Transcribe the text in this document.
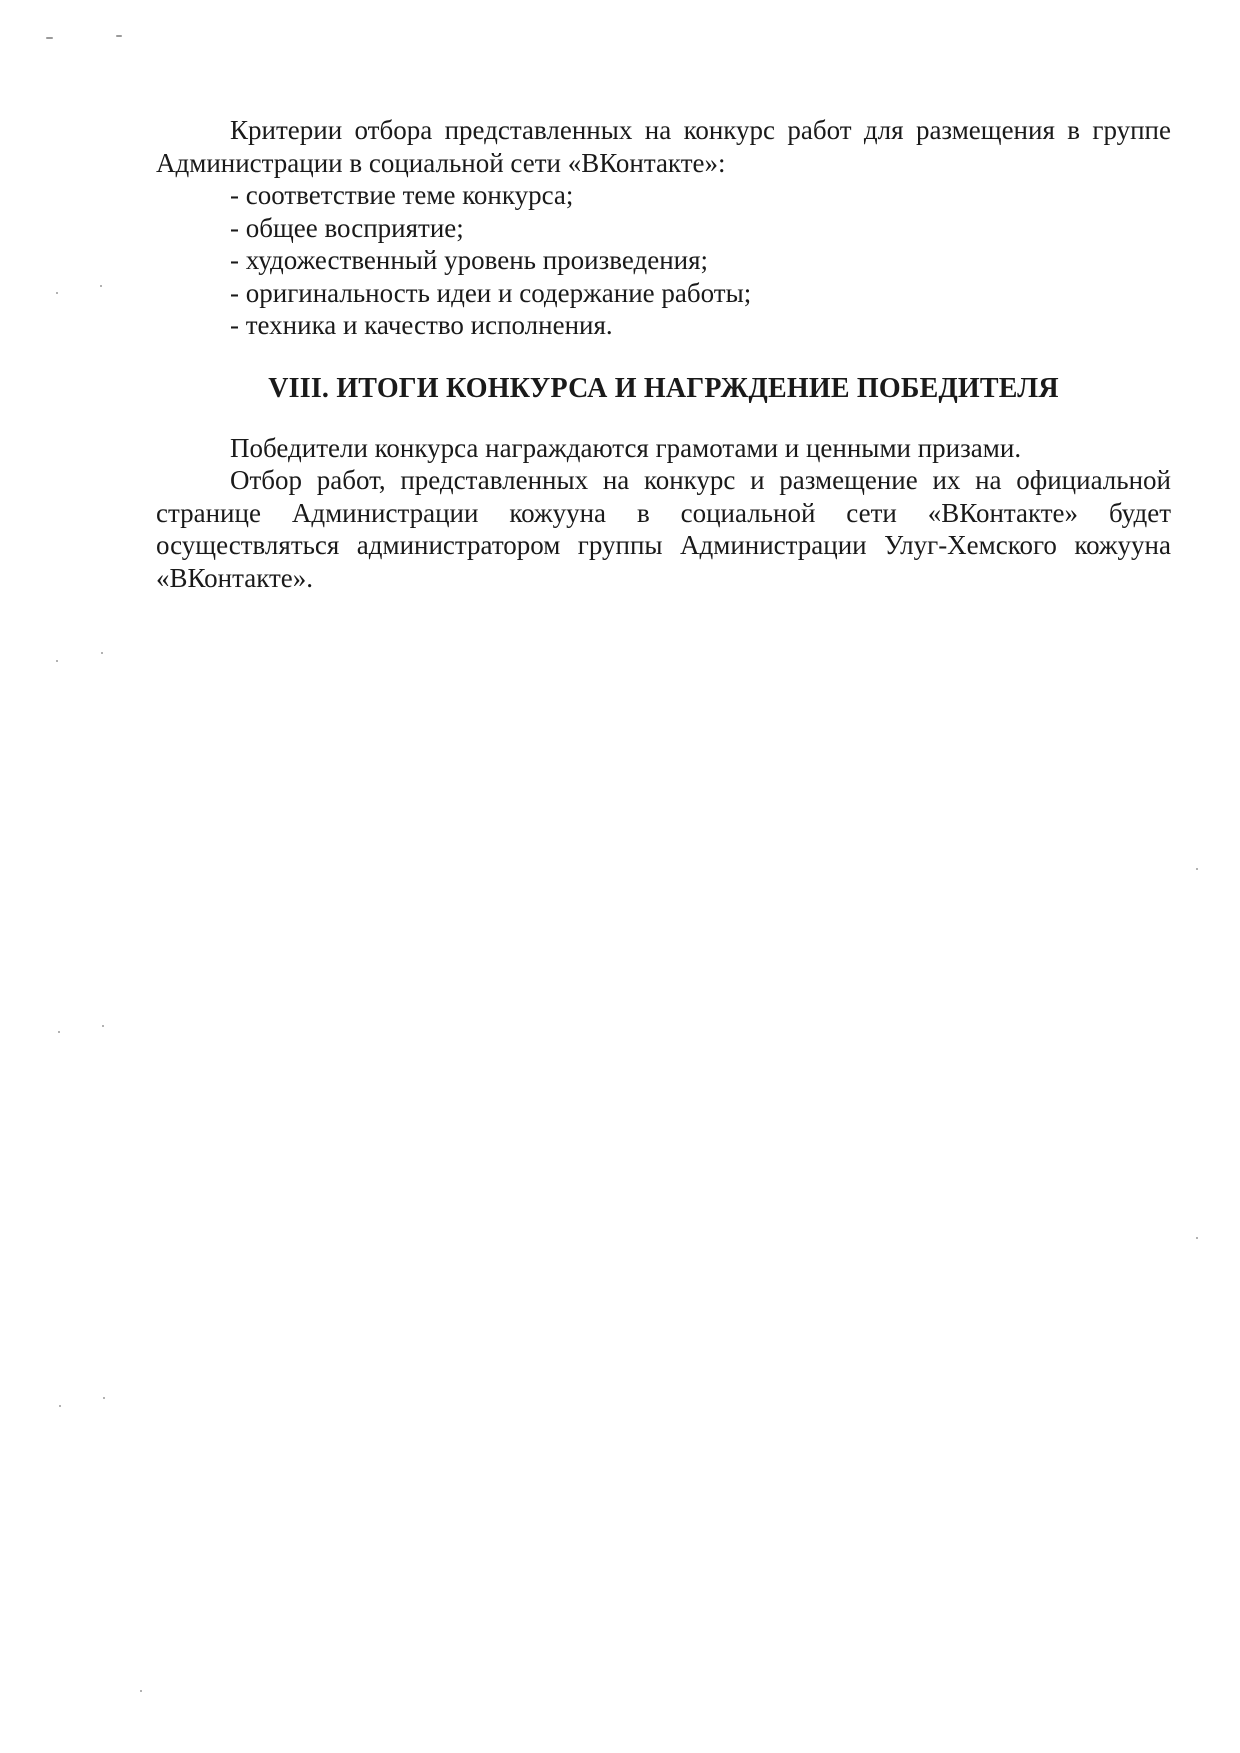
Критерии отбора представленных на конкурс работ для размещения в группе Администрации в социальной сети «ВКонтакте»:

- соответствие теме конкурса;
- общее восприятие;
- художественный уровень произведения;
- оригинальность идеи и содержание работы;
- техника и качество исполнения.
VIII. ИТОГИ КОНКУРСА И НАГРЖДЕНИЕ ПОБЕДИТЕЛЯ

Победители конкурса награждаются грамотами и ценными призами.

Отбор работ, представленных на конкурс и размещение их на официальной странице Администрации кожууна в социальной сети «ВКонтакте» будет осуществляться администратором группы Администрации Улуг-Хемского кожууна «ВКонтакте».
